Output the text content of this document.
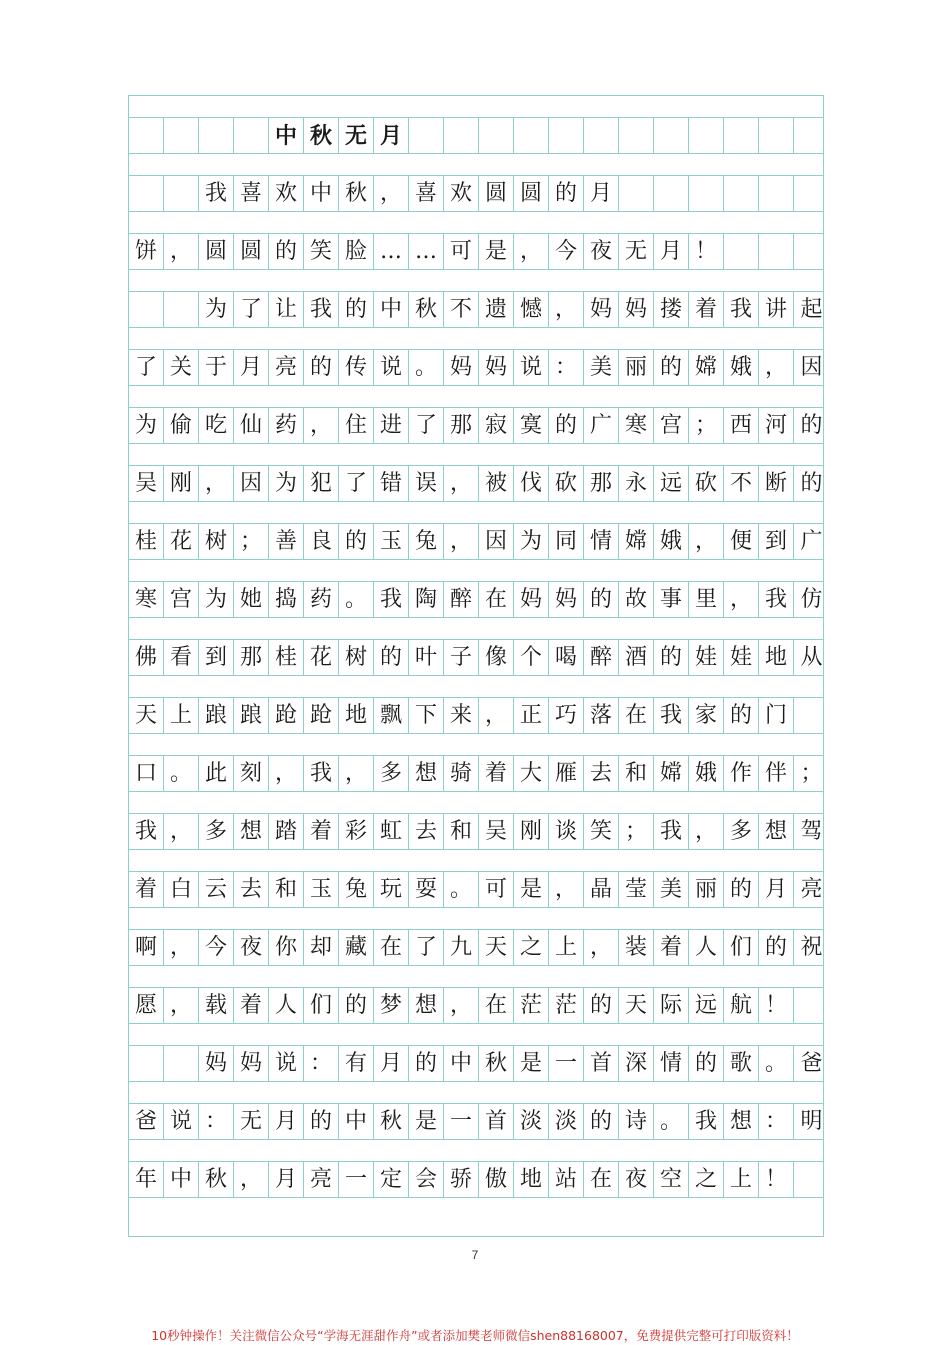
中 秋 无 月
我 喜 欢 中 秋 ， 喜 欢 圆 圆 的 月
饼 ， 圆 圆 的 笑 脸 … … 可 是 ， 今 夜 无 月 ！
为 了 让 我 的 中 秋 不 遗 憾 ， 妈 妈 搂 着 我 讲 起
了 关 于 月 亮 的 传 说 。 妈 妈 说 ： 美 丽 的 嫦 娥 ， 因
为 偷 吃 仙 药 ， 住 进 了 那 寂 寞 的 广 寒 宫 ； 西 河 的
吴 刚 ， 因 为 犯 了 错 误 ， 被 伐 砍 那 永 远 砍 不 断 的
桂 花 树 ； 善 良 的 玉 兔 ， 因 为 同 情 嫦 娥 ， 便 到 广
寒 宫 为 她 捣 药 。 我 陶 醉 在 妈 妈 的 故 事 里 ， 我 仿
佛 看 到 那 桂 花 树 的 叶 子 像 个 喝 醉 酒 的 娃 娃 地 从
天 上 踉 踉 跄 跄 地 飘 下 来 ， 正 巧 落 在 我 家 的 门
口 。 此 刻 ， 我 ， 多 想 骑 着 大 雁 去 和 嫦 娥 作 伴 ；
我 ， 多 想 踏 着 彩 虹 去 和 吴 刚 谈 笑 ； 我 ， 多 想 驾
着 白 云 去 和 玉 兔 玩 耍 。 可 是 ， 晶 莹 美 丽 的 月 亮
啊 ， 今 夜 你 却 藏 在 了 九 天 之 上 ， 装 着 人 们 的 祝
愿 ， 载 着 人 们 的 梦 想 ， 在 茫 茫 的 天 际 远 航 ！
妈 妈 说 ： 有 月 的 中 秋 是 一 首 深 情 的 歌 。 爸
爸 说 ： 无 月 的 中 秋 是 一 首 淡 淡 的 诗 。 我 想 ： 明
年 中 秋 ， 月 亮 一 定 会 骄 傲 地 站 在 夜 空 之 上 ！
7
10秒钟操作！关注微信公众号“学海无涯甜作舟”或者添加樊老师微信shen88168007，免费提供完整可打印版资料！
